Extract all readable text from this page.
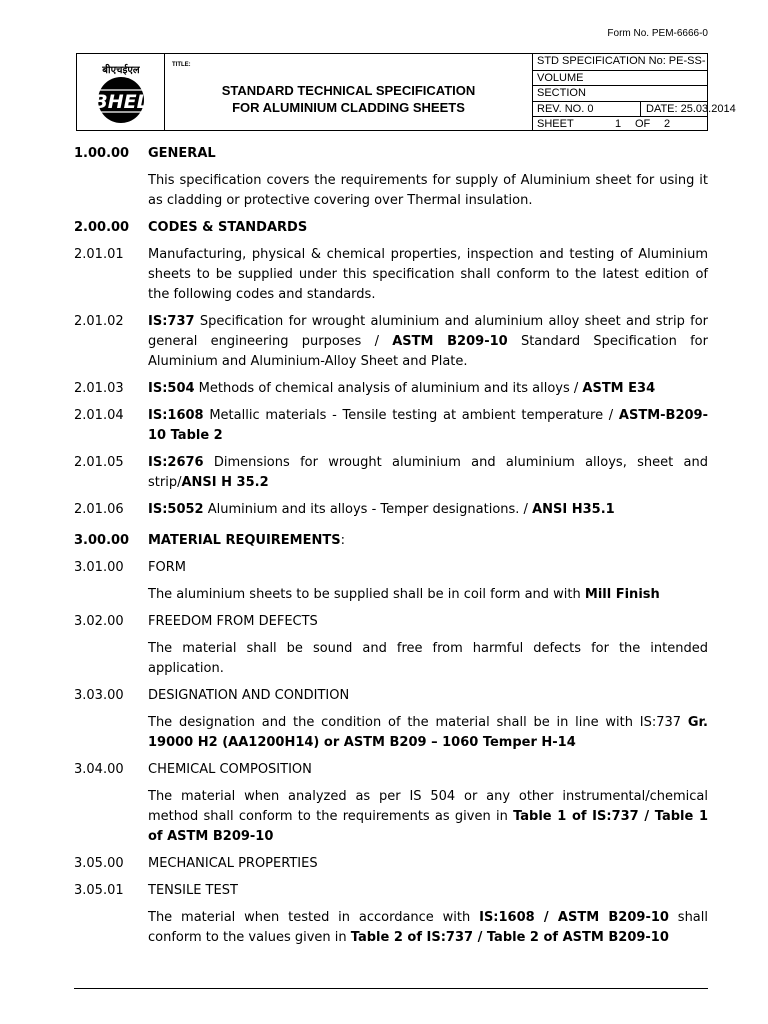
Form No. PEM-6666-0
बीएचईएल
BHEL
TITLE:
STANDARD TECHNICAL SPECIFICATION
FOR ALUMINIUM CLADDING SHEETS
STD SPECIFICATION No: PE-SS-
VOLUME
SECTION
REV. NO. 0	DATE: 25.03.2014
SHEET	1 OF 2
1.00.00	GENERAL
This specification covers the requirements for supply of Aluminium sheet for using it as cladding or protective covering over Thermal insulation.
2.00.00	CODES & STANDARDS
2.01.01	Manufacturing, physical & chemical properties, inspection and testing of Aluminium sheets to be supplied under this specification shall conform to the latest edition of the following codes and standards.
2.01.02	IS:737 Specification for wrought aluminium and aluminium alloy sheet and strip for general engineering purposes / ASTM B209-10 Standard Specification for Aluminium and Aluminium-Alloy Sheet and Plate.
2.01.03	IS:504 Methods of chemical analysis of aluminium and its alloys / ASTM E34
2.01.04	IS:1608 Metallic materials - Tensile testing at ambient temperature / ASTM-B209-10 Table 2
2.01.05	IS:2676 Dimensions for wrought aluminium and aluminium alloys, sheet and strip/ANSI H 35.2
2.01.06	IS:5052 Aluminium and its alloys - Temper designations. / ANSI H35.1
3.00.00	MATERIAL REQUIREMENTS:
3.01.00	FORM
The aluminium sheets to be supplied shall be in coil form and with Mill Finish
3.02.00	FREEDOM FROM DEFECTS
The material shall be sound and free from harmful defects for the intended application.
3.03.00	DESIGNATION AND CONDITION
The designation and the condition of the material shall be in line with IS:737 Gr. 19000 H2 (AA1200H14) or ASTM B209 – 1060 Temper H-14
3.04.00	CHEMICAL COMPOSITION
The material when analyzed as per IS 504 or any other instrumental/chemical method shall conform to the requirements as given in Table 1 of IS:737 / Table 1 of ASTM B209-10
3.05.00	MECHANICAL PROPERTIES
3.05.01	TENSILE TEST
The material when tested in accordance with IS:1608 / ASTM B209-10 shall conform to the values given in Table 2 of IS:737 / Table 2 of ASTM B209-10
